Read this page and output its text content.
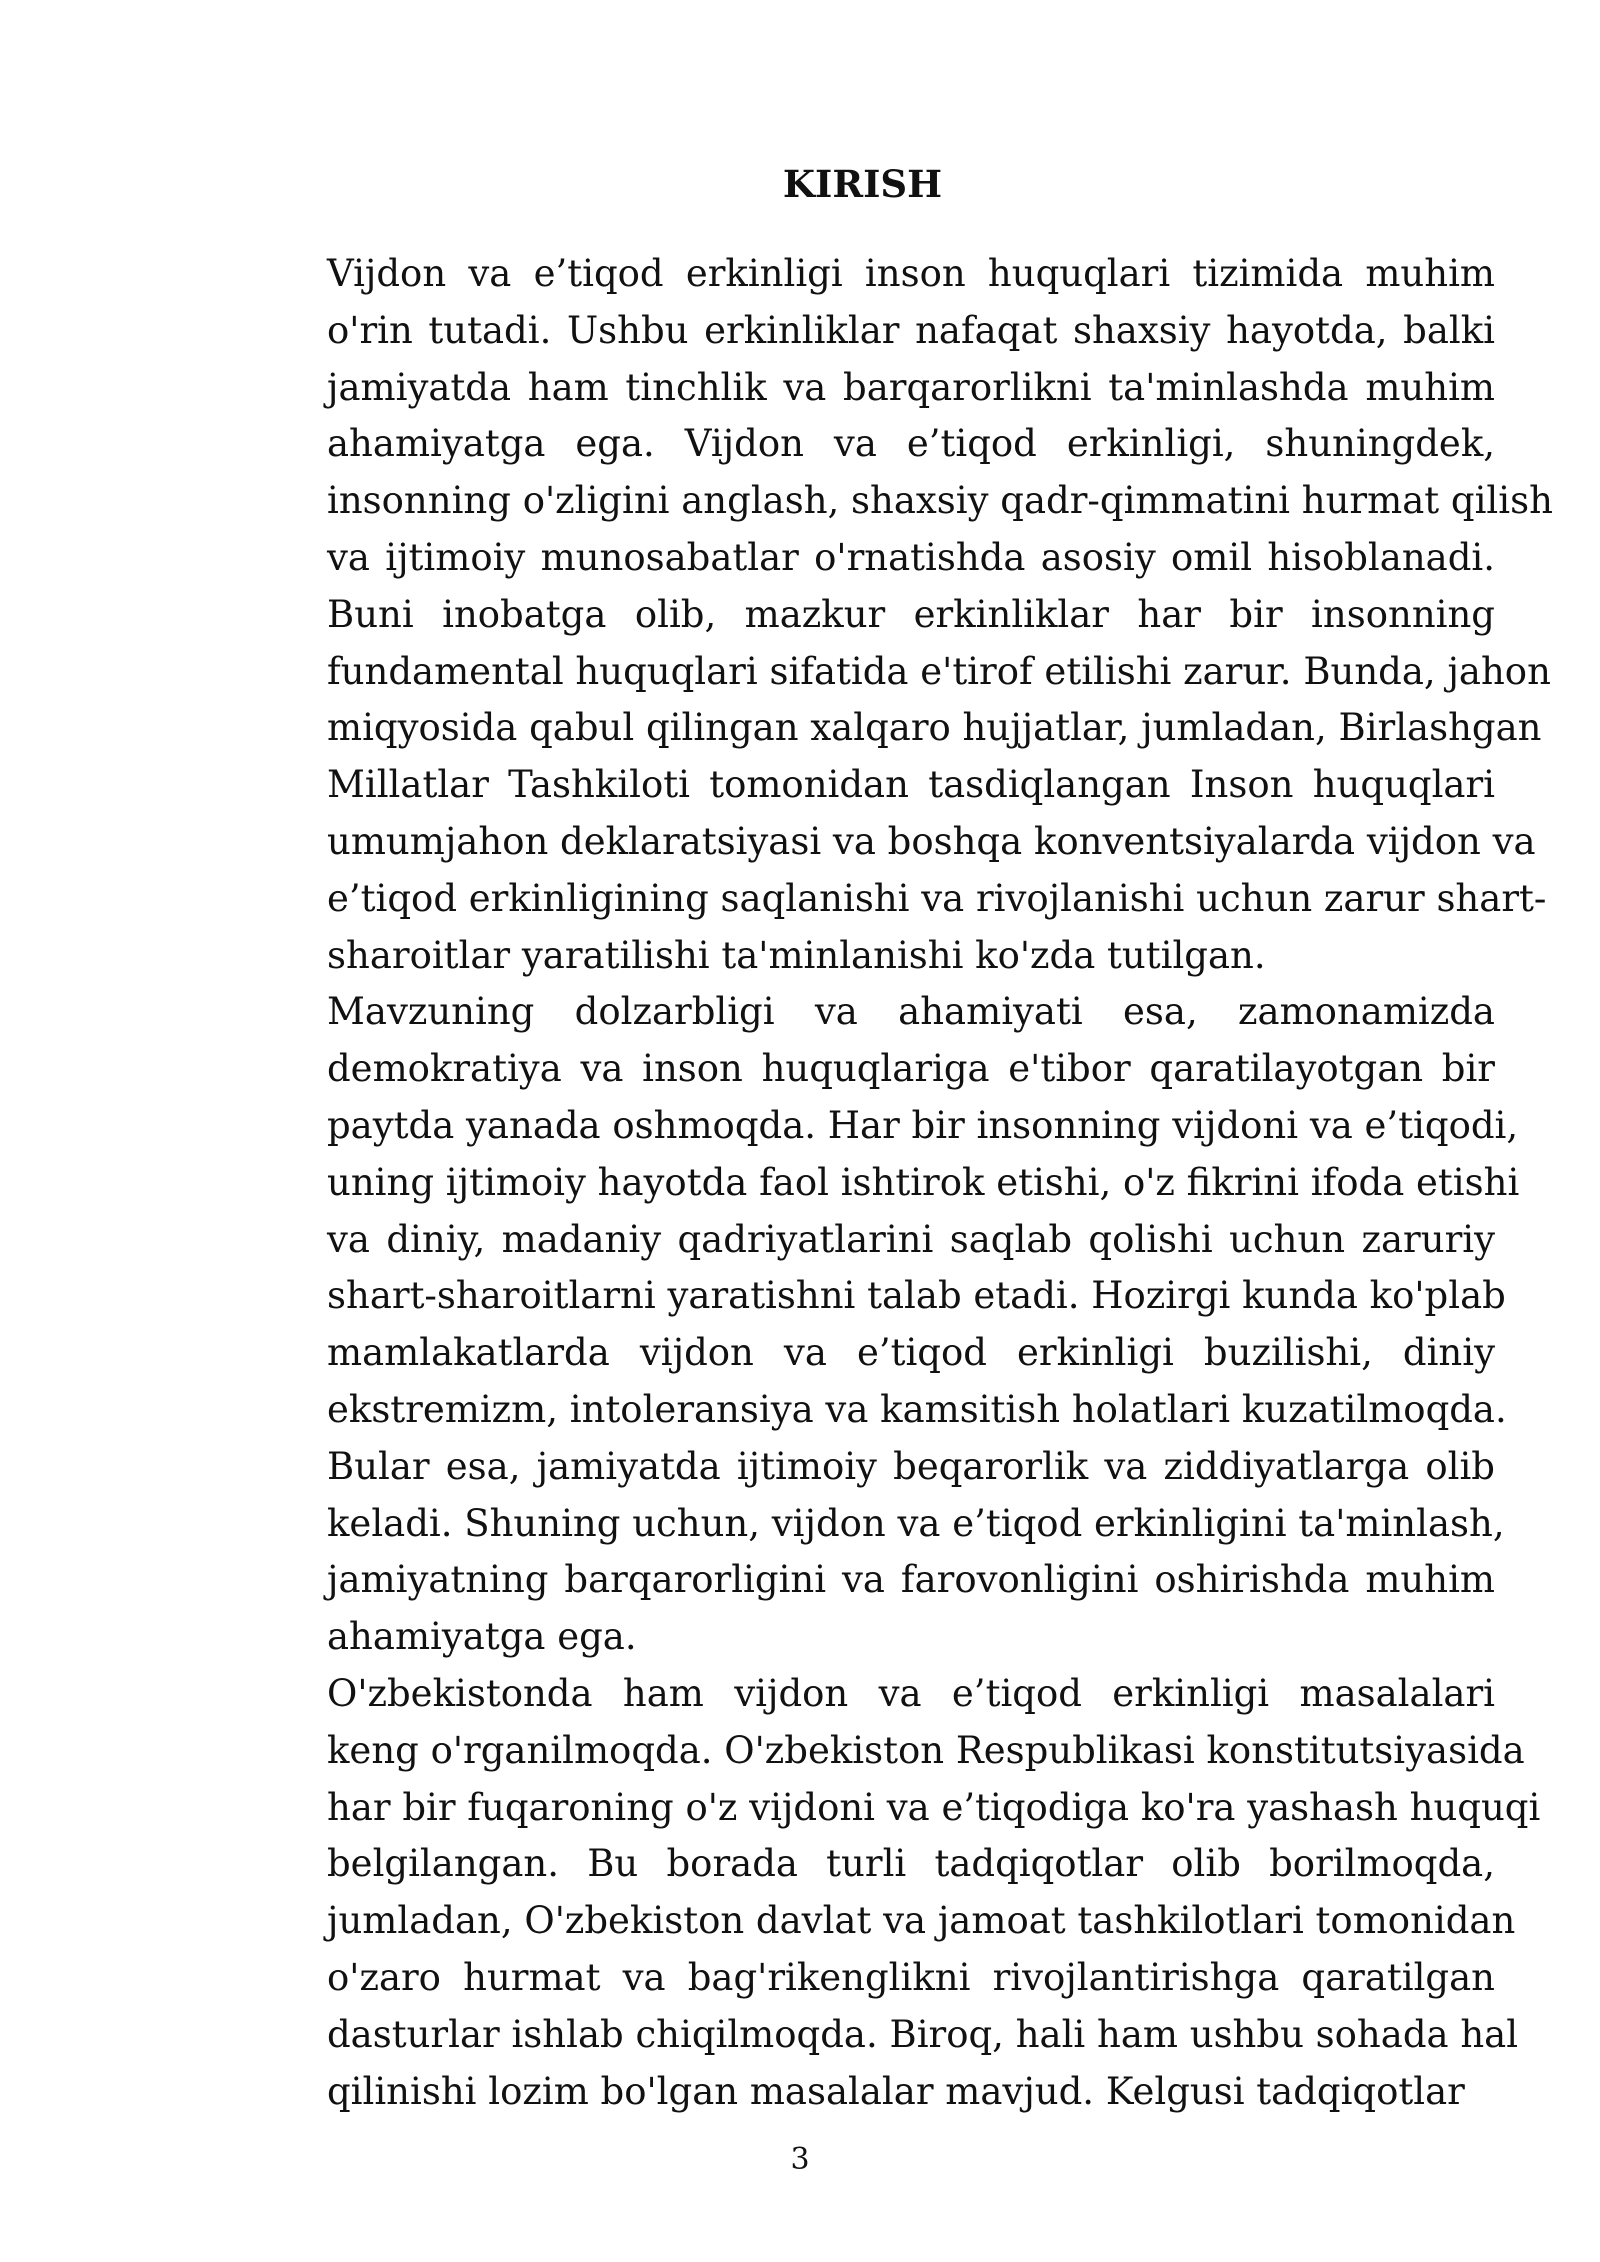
KIRISH

Vijdon va e’tiqod erkinligi inson huquqlari tizimida muhim
o'rin tutadi. Ushbu erkinliklar nafaqat shaxsiy hayotda, balki
jamiyatda ham tinchlik va barqarorlikni ta'minlashda muhim
ahamiyatga ega. Vijdon va e’tiqod erkinligi, shuningdek,
insonning o'zligini anglash, shaxsiy qadr-qimmatini hurmat qilish
va ijtimoiy munosabatlar o'rnatishda asosiy omil hisoblanadi.
Buni inobatga olib, mazkur erkinliklar har bir insonning
fundamental huquqlari sifatida e'tirof etilishi zarur. Bunda, jahon
miqyosida qabul qilingan xalqaro hujjatlar, jumladan, Birlashgan
Millatlar Tashkiloti tomonidan tasdiqlangan Inson huquqlari
umumjahon deklaratsiyasi va boshqa konventsiyalarda vijdon va
e’tiqod erkinligining saqlanishi va rivojlanishi uchun zarur shart-
sharoitlar yaratilishi ta'minlanishi ko'zda tutilgan.

Mavzuning dolzarbligi va ahamiyati esa, zamonamizda
demokratiya va inson huquqlariga e'tibor qaratilayotgan bir
paytda yanada oshmoqda. Har bir insonning vijdoni va e’tiqodi,
uning ijtimoiy hayotda faol ishtirok etishi, o'z fikrini ifoda etishi
va diniy, madaniy qadriyatlarini saqlab qolishi uchun zaruriy
shart-sharoitlarni yaratishni talab etadi. Hozirgi kunda ko'plab
mamlakatlarda vijdon va e’tiqod erkinligi buzilishi, diniy
ekstremizm, intoleransiya va kamsitish holatlari kuzatilmoqda.
Bular esa, jamiyatda ijtimoiy beqarorlik va ziddiyatlarga olib
keladi. Shuning uchun, vijdon va e’tiqod erkinligini ta'minlash,
jamiyatning barqarorligini va farovonligini oshirishda muhim
ahamiyatga ega.

O'zbekistonda ham vijdon va e’tiqod erkinligi masalalari
keng o'rganilmoqda. O'zbekiston Respublikasi konstitutsiyasida
har bir fuqaroning o'z vijdoni va e’tiqodiga ko'ra yashash huquqi
belgilangan. Bu borada turli tadqiqotlar olib borilmoqda,
jumladan, O'zbekiston davlat va jamoat tashkilotlari tomonidan
o'zaro hurmat va bag'rikenglikni rivojlantirishga qaratilgan
dasturlar ishlab chiqilmoqda. Biroq, hali ham ushbu sohada hal
qilinishi lozim bo'lgan masalalar mavjud. Kelgusi tadqiqotlar

3
